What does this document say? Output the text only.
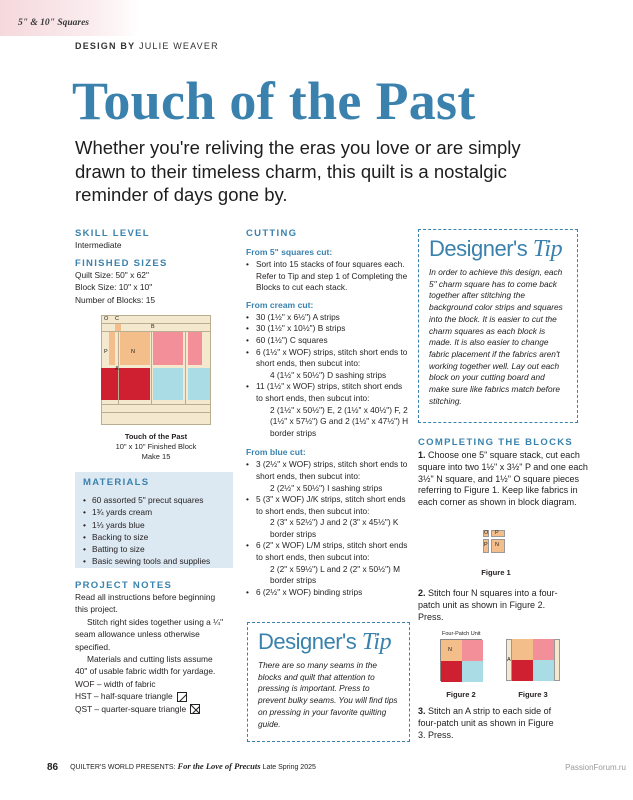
5" & 10" Squares
DESIGN BY JULIE WEAVER
Touch of the Past
Whether you're reliving the eras you love or are simply drawn to their timeless charm, this quilt is a nostalgic reminder of days gone by.
SKILL LEVEL
Intermediate
FINISHED SIZES
Quilt Size: 50" x 62"
Block Size: 10" x 10"
Number of Blocks: 15
O C
B
P	N
A
Touch of the Past
10" x 10" Finished Block
Make 15
MATERIALS
• 60 assorted 5" precut squares
• 1¾ yards cream
• 1⅓ yards blue
• Backing to size
• Batting to size
• Basic sewing tools and supplies
PROJECT NOTES

Read all instructions before beginning this project.

Stitch right sides together using a ¼" seam allowance unless otherwise specified.

Materials and cutting lists assume 40" of usable fabric width for yardage.

WOF – width of fabric

HST – half-square triangle

QST – quarter-square triangle

CUTTING
From 5" squares cut:
• Sort into 15 stacks of four squares each. Refer to Tip and step 1 of Completing the Blocks to cut each stack.
From cream cut:
• 30 (1½" x 6½") A strips
• 30 (1½" x 10½") B strips
• 60 (1½") C squares
• 6 (1½" x WOF) strips, stitch short ends to short ends, then subcut into:
4 (1½" x 50½") D sashing strips
• 11 (1½" x WOF) strips, stitch short ends to short ends, then subcut into:
2 (1½" x 50½") E, 2 (1½" x 40½") F, 2 (1½" x 57½") G and 2 (1½" x 47½") H border strips
From blue cut:
• 3 (2½" x WOF) strips, stitch short ends to short ends, then subcut into:
2 (2½" x 50½") I sashing strips
• 5 (3" x WOF) J/K strips, stitch short ends to short ends, then subcut into:
2 (3" x 52½") J and 2 (3" x 45½") K border strips
• 6 (2" x WOF) L/M strips, stitch short ends to short ends, then subcut into:
2 (2" x 59½") L and 2 (2" x 50½") M border strips
• 6 (2½" x WOF) binding strips
Designer's Tip
There are so many seams in the blocks and quilt that attention to pressing is important. Press to prevent bulky seams. You will find tips on pressing in your favorite quilting guide.
Designer's Tip
In order to achieve this design, each 5" charm square has to come back together after stitching the background color strips and squares into the block. It is easier to cut the charm squares as each block is made. It is also easier to change fabric placement if the fabrics aren't working together well. Lay out each block on your cutting board and make sure like fabrics match before stitching.
COMPLETING THE BLOCKS
1. Choose one 5" square stack, cut each square into two 1½" x 3½" P and one each 3½" N square, and 1½" O square pieces referring to Figure 1. Keep like fabrics in each corner as shown in block diagram.
O P
P N
Figure 1
2. Stitch four N squares into a four-patch unit as shown in Figure 2. Press.
Four-Patch Unit
N
A
Figure 2	Figure 3
3. Stitch an A strip to each side of four-patch unit as shown in Figure 3. Press.
86 QUILTER'S WORLD PRESENTS: For the Love of Precuts Late Spring 2025	PassionForum.ru
